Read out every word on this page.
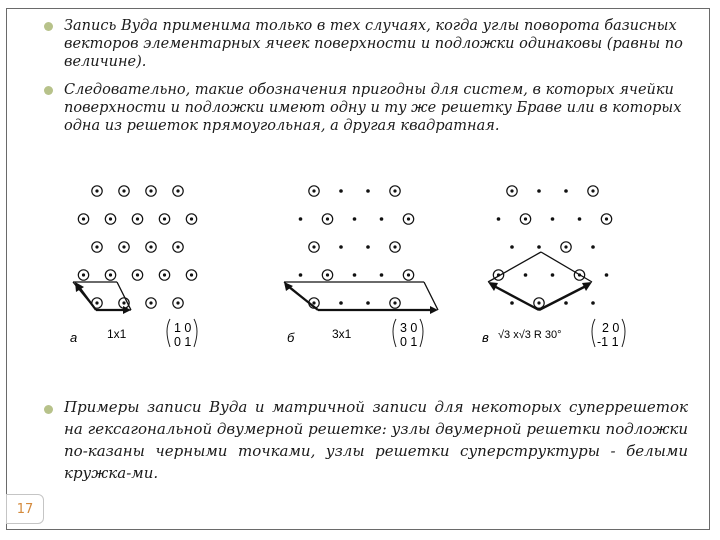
Запись Вуда применима только в тех случаях, когда углы поворота базисных векторов элементарных ячеек поверхности и подложки одинаковы (равны по величине).

Следовательно, такие обозначения пригодны для систем, в которых ячейки поверхности и подложки имеют одну и ту же решетку Браве или в которых одна из решеток прямоугольная, а другая квадратная.

а 1x1	1 0
0 1	б	3x1	3 0
0 1	в √3 x√3 R 30°	2 0
-1 1

Примеры записи Вуда и матричной записи для некоторых суперрешеток на гексагональной двумерной решетке: узлы двумерной решетки подложки по-казаны черными точками, узлы решетки суперструктуры - белыми кружка-ми.

17
